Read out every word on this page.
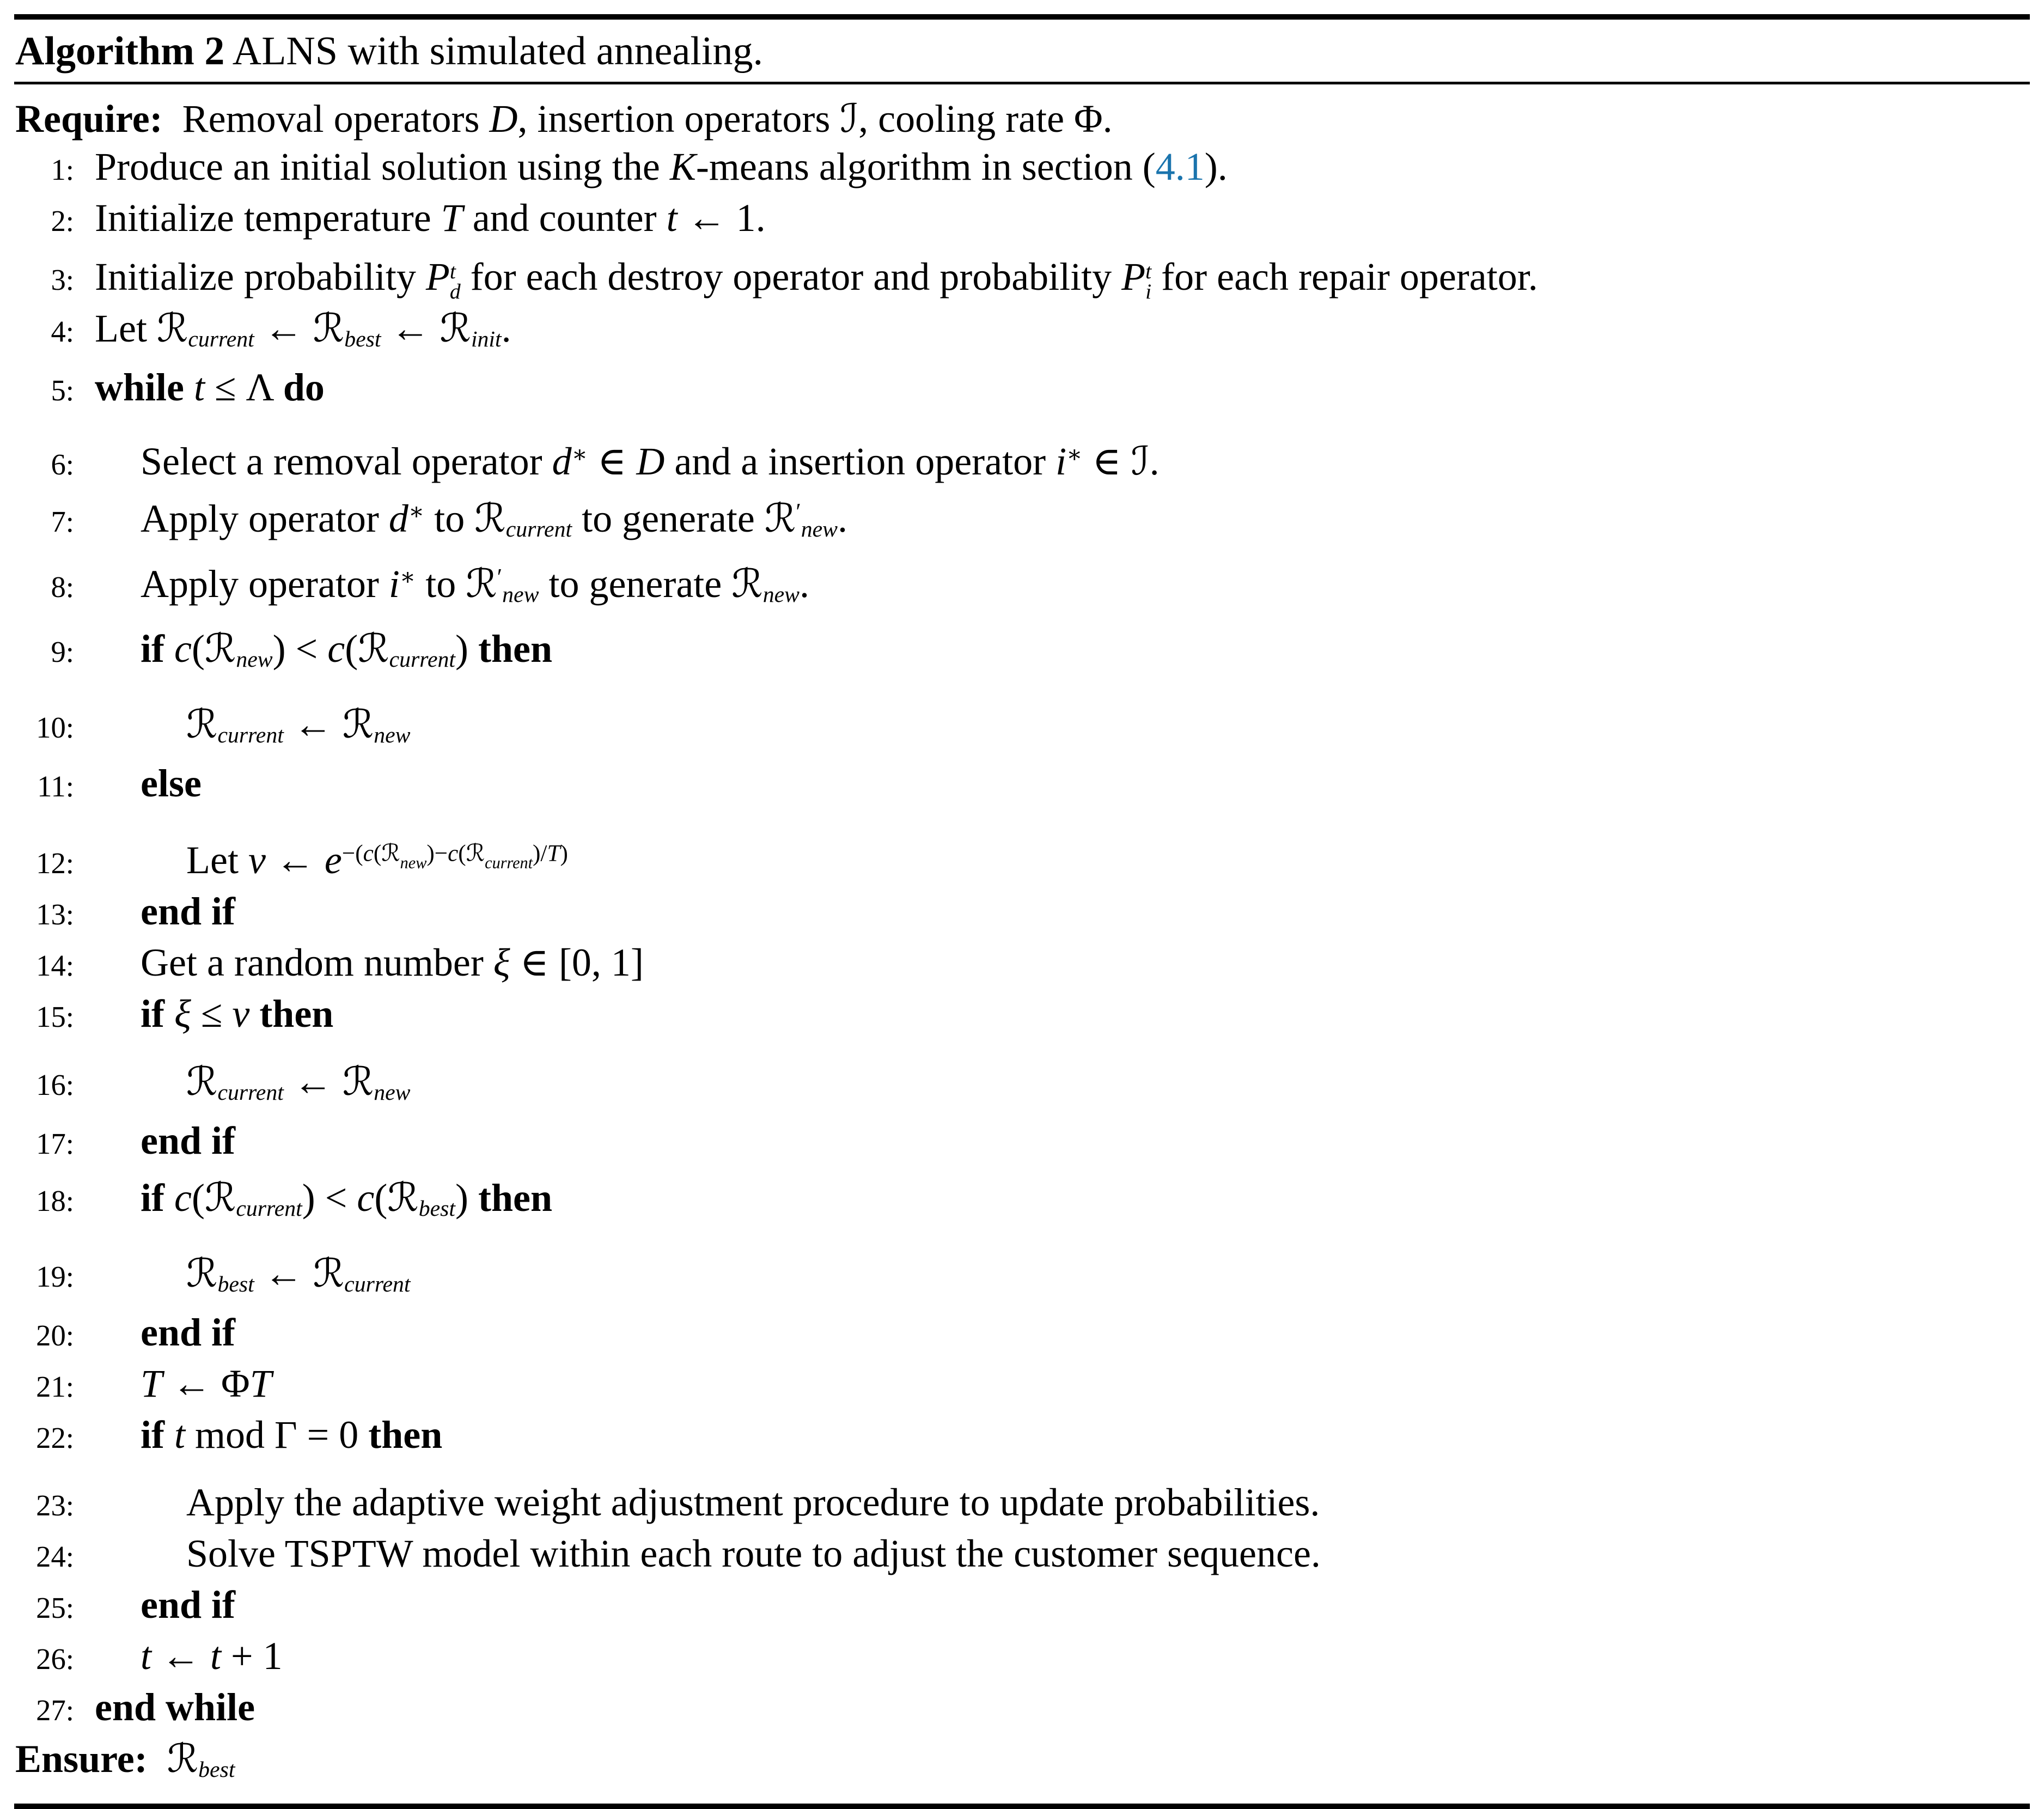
Algorithm 2 ALNS with simulated annealing.
Require: Removal operators D, insertion operators ℐ, cooling rate Φ.
1: Produce an initial solution using the K-means algorithm in section (4.1).
2: Initialize temperature T and counter t ← 1.
3: Initialize probability P t
d for each destroy operator and probability P t
i for each repair operator.
4: Let ℛ$_{current}$ ← ℛ$_{best}$ ← ℛ$_{init}$.
5: while t ≤ Λ do
6: Select a removal operator d∗ ∈ D and a insertion operator i∗ ∈ ℐ.
7: Apply operator d∗ to ℛ$_{current}$ to generate ℛ′$_{new}$.
8: Apply operator i∗ to ℛ′$_{new}$ to generate ℛ$_{new}$.
9: if c(ℛ$_{new}$) < c(ℛ$_{current}$) then
10:	ℛ$_{current}$ ← ℛ$_{new}$
11: else
12:	Let ν ← $e^{-(c(ℛ}new^{)-c(ℛ}current^{)/T)}$
13: end if
14: Get a random number ξ ∈ [0, 1]
15: if ξ ≤ ν then
16:	ℛ$_{current}$ ← ℛ$_{new}$
17: end if
18: if c(ℛ$_{current}$) < c(ℛ$_{best}$) then
19:	ℛ$_{best}$ ← ℛ$_{current}$
20: end if
21: T ← ΦT
22: if t mod Γ = 0 then
23:	Apply the adaptive weight adjustment procedure to update probabilities.
24:	Solve TSPTW model within each route to adjust the customer sequence.
25: end if
26: t ← t + 1
27: end while
Ensure:  ℛ$_{best}$
